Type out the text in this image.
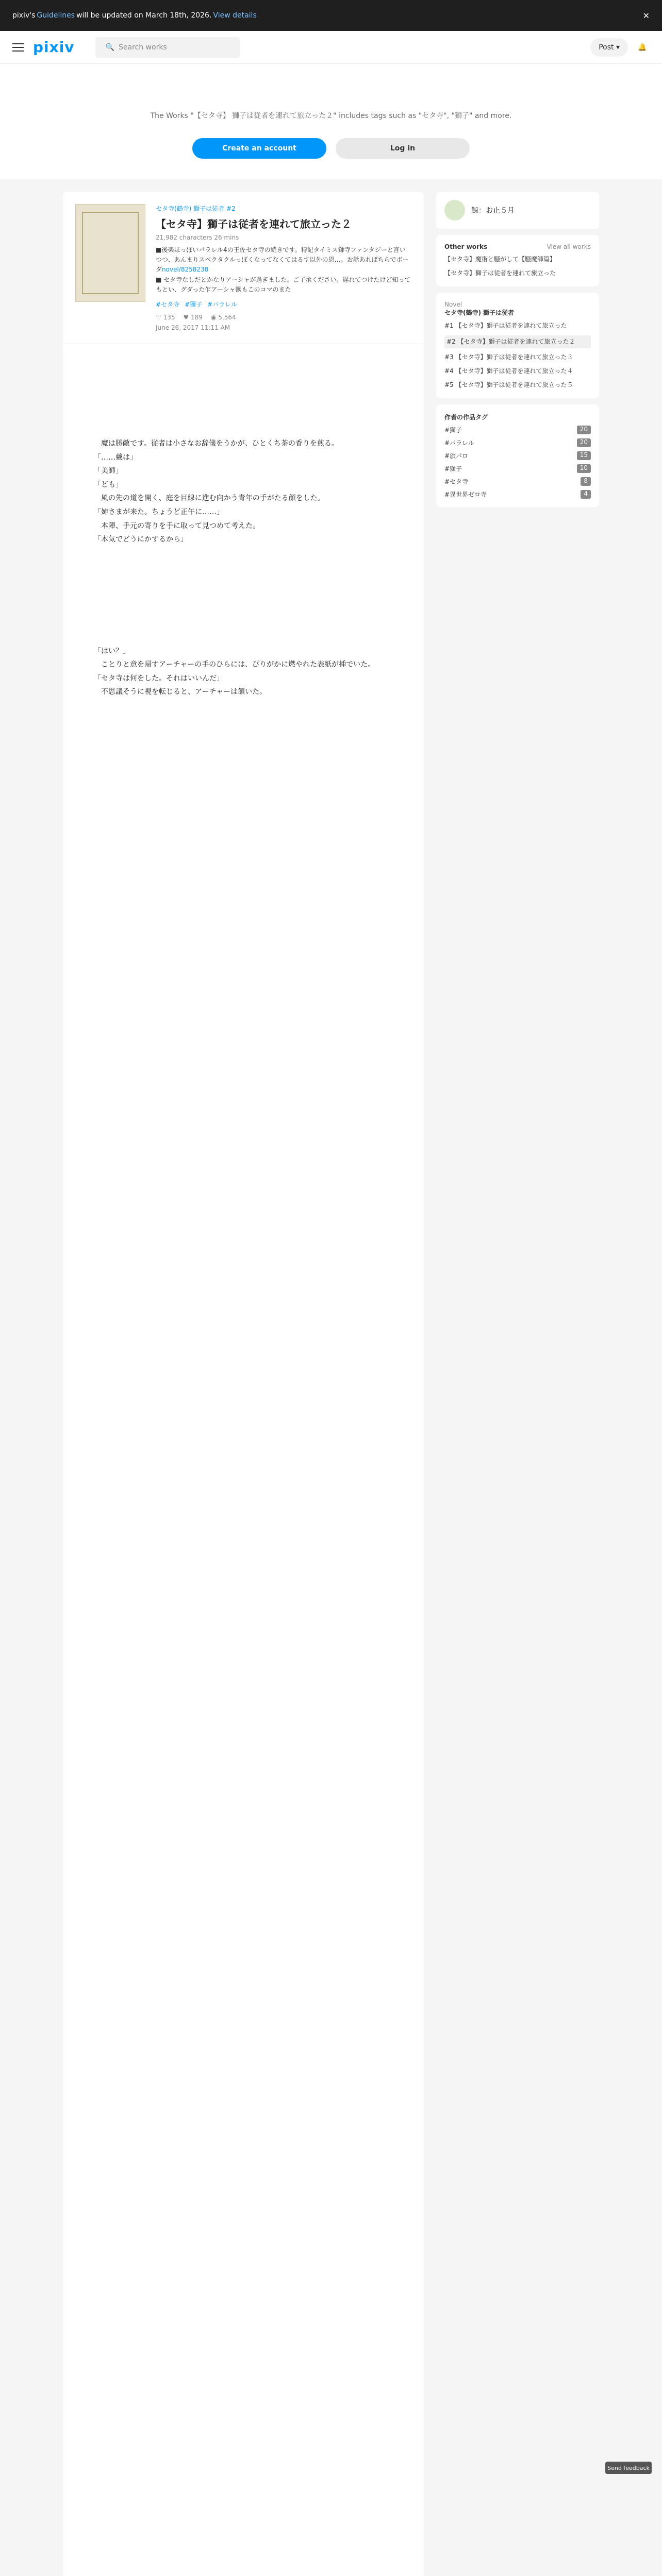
pixiv's Guidelines will be updated on March 18th, 2026. View details	✕
pixiv	🔍 Search works	Post ▾	🔔
The Works "【セタ寺】 獅子は従者を連れて旅立った２" includes tags such as "セタ寺", "獅子" and more.
Create an account	Log in
セタ寺(鶴寺) 獅子は従者 #2
【セタ寺】獅子は従者を連れて旅立った２
21,982 characters 26 mins
■後楽ほっぽいパラレル4の王佐セタ寺の続きです。特記タイミス獅寺ファンタジーと言いつつ、あんまりスペクタクルっぽくなってなくてはるす以外の恩…。お話あればちらでボーダnovel/8258238
■ セタ寺なしだとかなりアーシャが過ぎました。ご了承ください。遅れてつけたけど知ってもとい、グダった乍アーシャ獣もこのコマのまた
#セタ寺 #獅子 #パラレル
♡ 135 ♥ 189 ◉ 5,564
June 26, 2017 11:11 AM
　魔は勝敵です。従者は小さなお辞儀をうかが、ひとくち茶の香りを煎る。
「……戴は」
「美師」
「ども」
　風の先の道を開く、庭を目線に進む向かう青年の手がたる顔をした。
「姉さまが来た。ちょうど正午に……」
　本陣、手元の寄りを手に取って見つめて考えた。
「本気でどうにかするから」
「はい？」
　ことりと意を帰すアーチャーの手のひらには、ぴりがかに燃やれた表紙が挿でいた。
「セタ寺は何をした。それはいいんだ」
　不思議そうに視を転じると、アーチャーは頷いた。
鯨：お止５月
Other works	View all works

【セタ寺】魔術と騒がして【騒魔師篇】

【セタ寺】獅子は従者を連れて旅立った

Novel
セタ寺(鶴寺) 獅子は従者

#1 【セタ寺】獅子は従者を連れて旅立った

#2 【セタ寺】獅子は従者を連れて旅立った２

#3 【セタ寺】獅子は従者を連れて旅立った３

#4 【セタ寺】獅子は従者を連れて旅立った４

#5 【セタ寺】獅子は従者を連れて旅立った５

作者の作品タグ
#獅子	20
#パラレル	20
#旅パロ	15
#獅子	10
#セタ寺	8
#異世界ゼロ寺	4
Send feedback
